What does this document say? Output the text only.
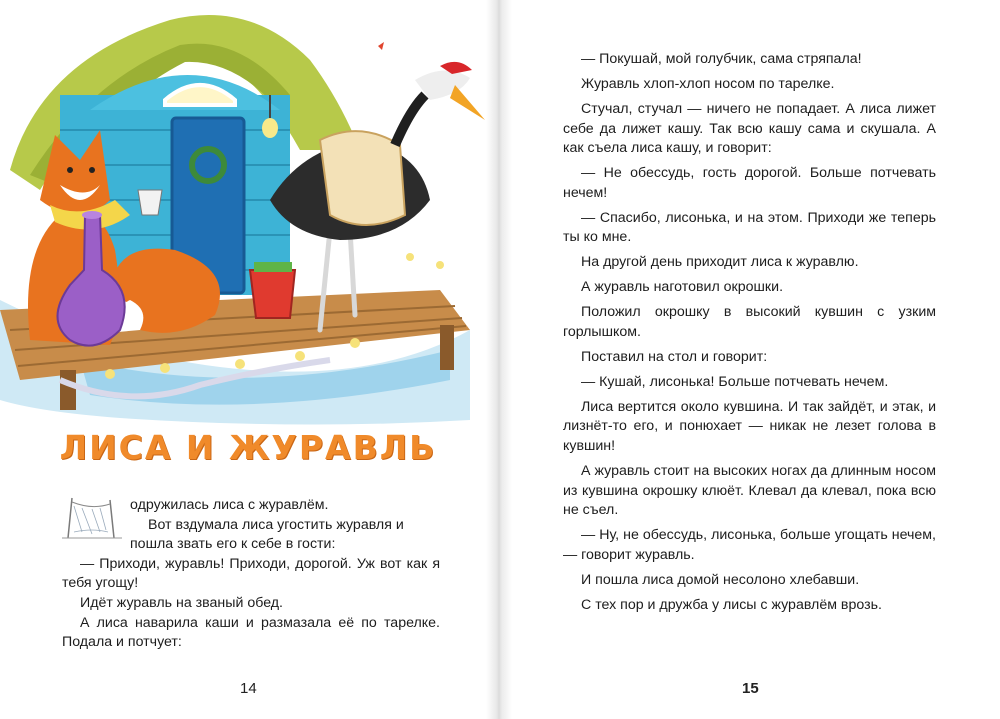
ЛИСА И ЖУРАВЛЬ

одружилась лиса с журавлём.

Вот вздумала лиса угостить журавля и

пошла звать его к себе в гости:

— Приходи, журавль! Приходи, дорогой. Уж вот как я тебя угощу!

Идёт журавль на званый обед.

А лиса наварила каши и размазала её по тарелке. Подала и потчует:

14

— Покушай, мой голубчик, сама стряпала!

Журавль хлоп-хлоп носом по тарелке.

Стучал, стучал — ничего не попадает. А лиса лижет себе да лижет кашу. Так всю кашу сама и скушала. А как съела лиса кашу, и говорит:

— Не обессудь, гость дорогой. Больше потчевать нечем!

— Спасибо, лисонька, и на этом. Приходи же теперь ты ко мне.

На другой день приходит лиса к журавлю.

А журавль наготовил окрошки.

Положил окрошку в высокий кувшин с узким горлышком.

Поставил на стол и говорит:

— Кушай, лисонька! Больше потчевать нечем.

Лиса вертится около кувшина. И так зайдёт, и этак, и лизнёт-то его, и понюхает — никак не лезет голова в кувшин!

А журавль стоит на высоких ногах да длинным носом из кувшина окрошку клюёт. Клевал да клевал, пока всю не съел.

— Ну, не обессудь, лисонька, больше угощать нечем, — говорит журавль.

И пошла лиса домой несолоно хлебавши.

С тех пор и дружба у лисы с журавлём врозь.

15
